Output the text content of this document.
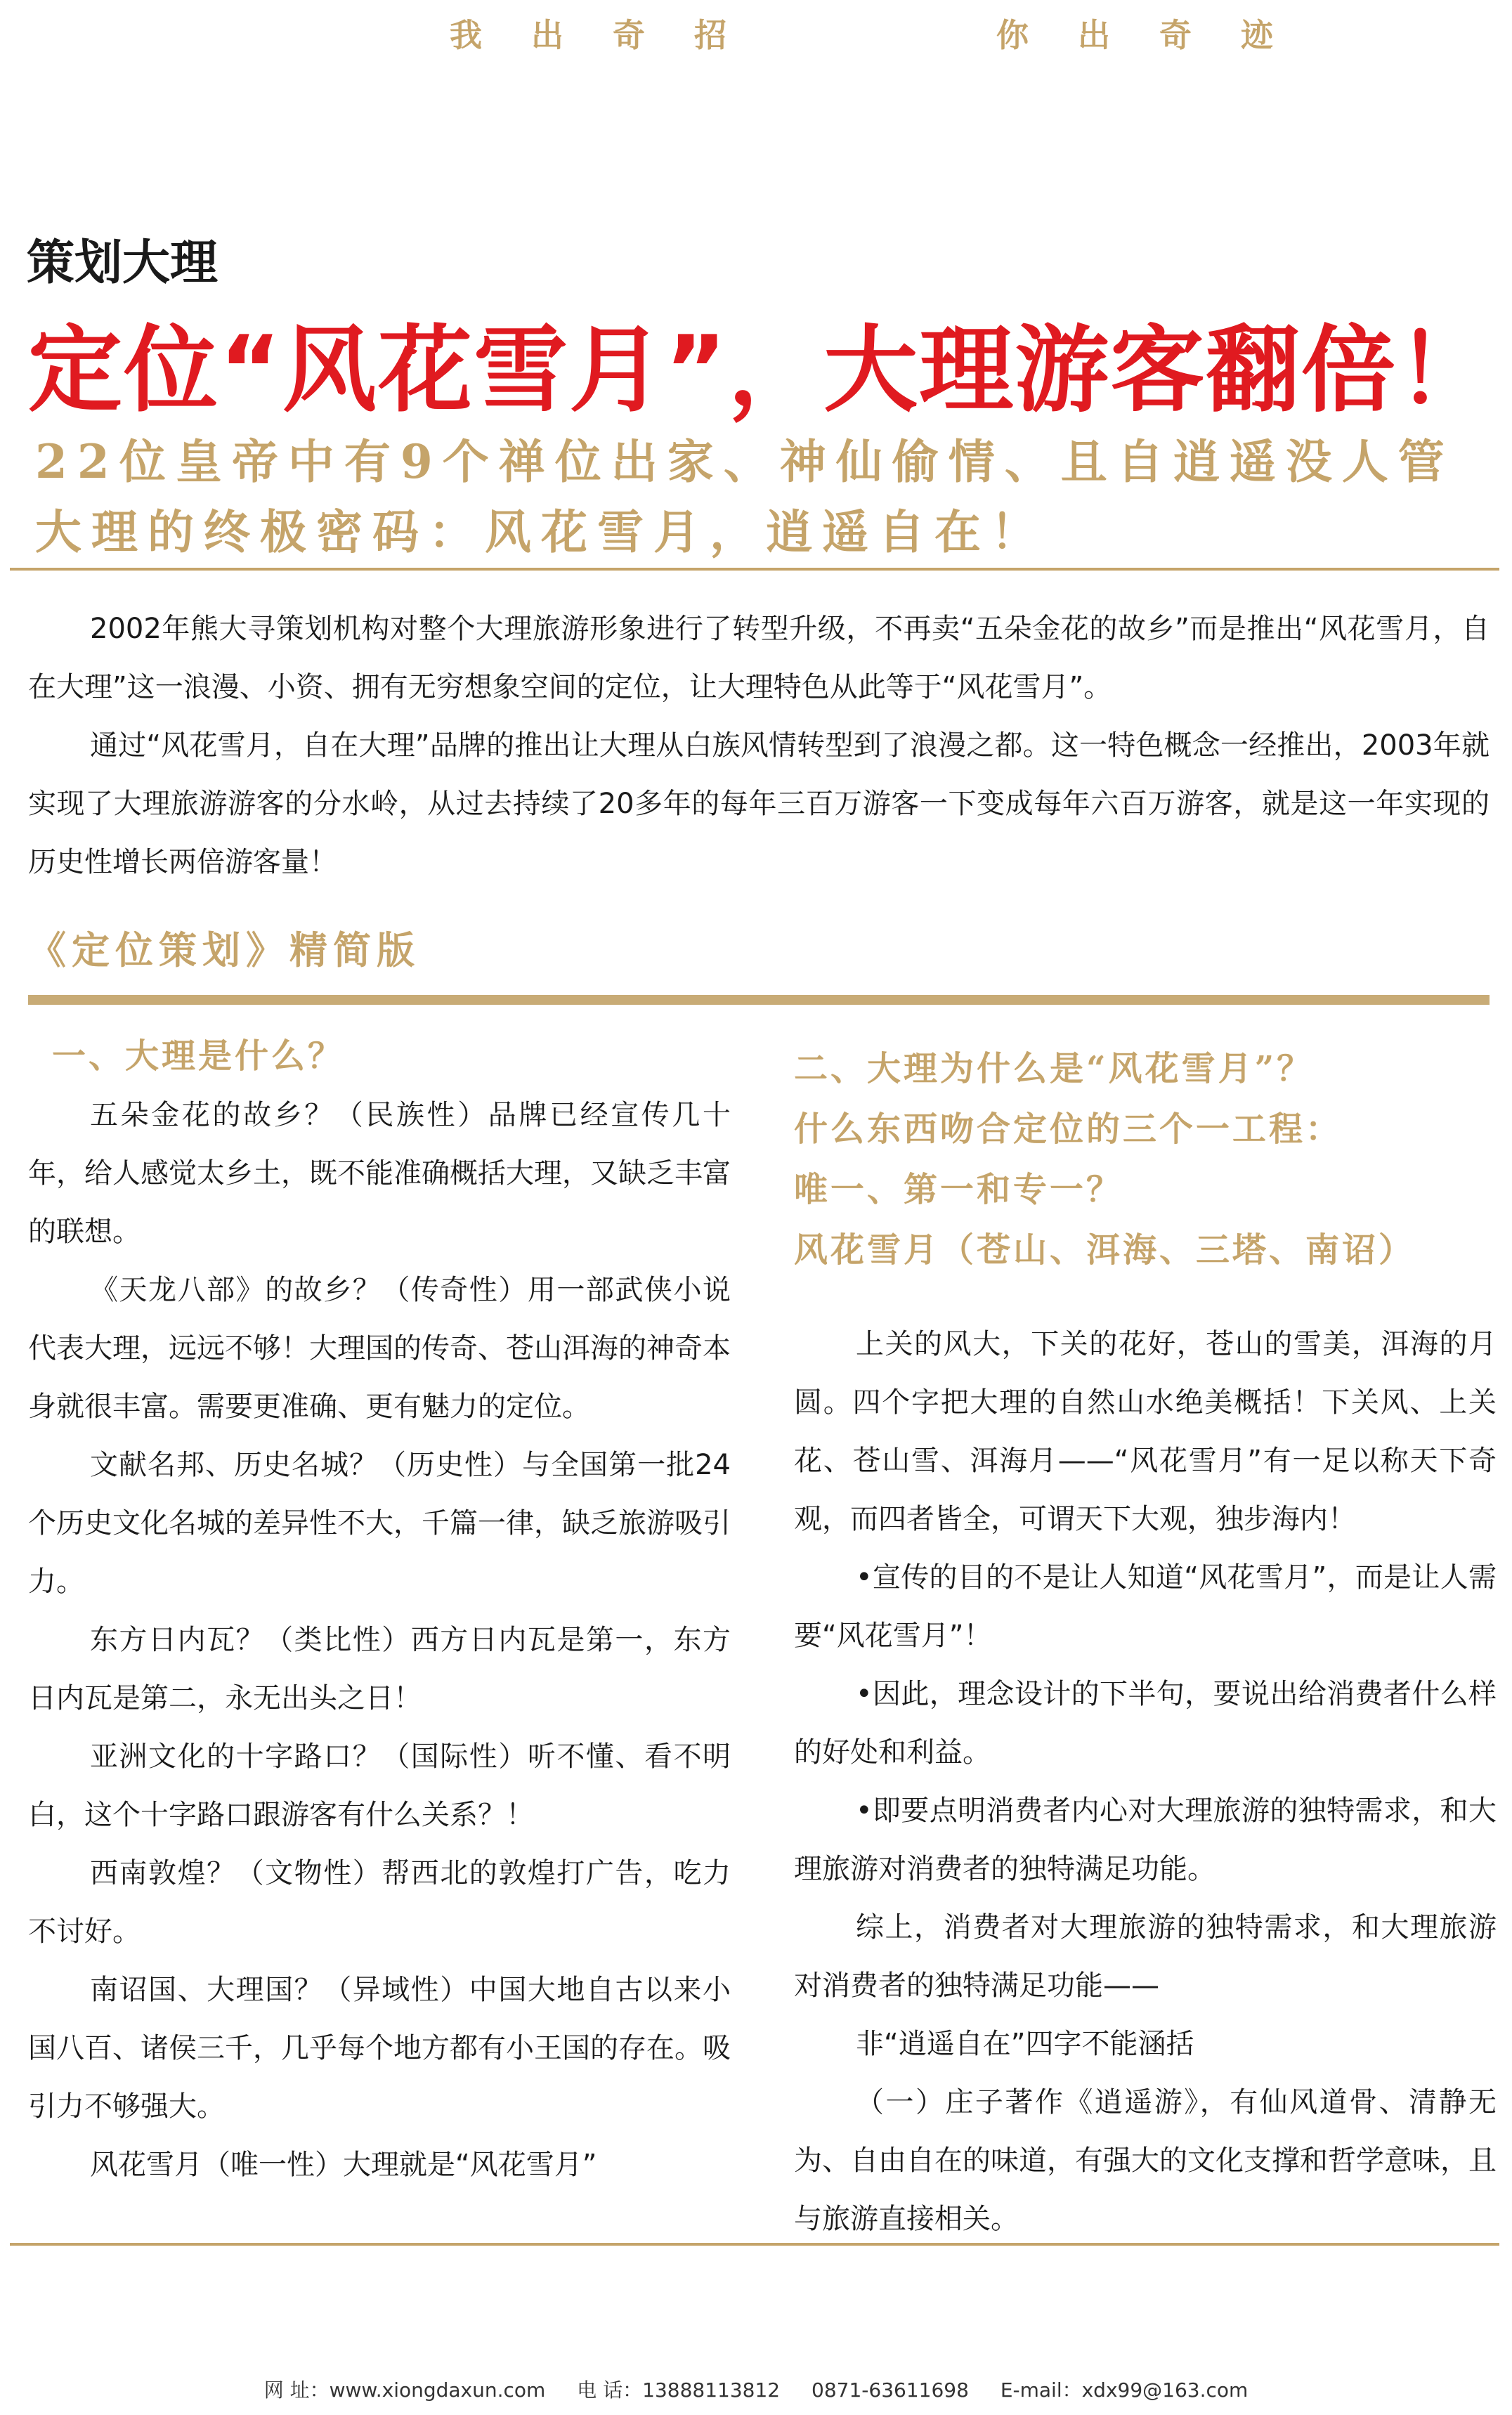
我出奇招	你出奇迹
策划大理
定位“风花雪月”，大理游客翻倍！
22位皇帝中有9个禅位出家、神仙偷情、且自逍遥没人管
大理的终极密码：风花雪月，逍遥自在！

2002年熊大寻策划机构对整个大理旅游形象进行了转型升级，不再卖“五朵金花的故乡”而是推出“风花雪月，自在大理”这一浪漫、小资、拥有无穷想象空间的定位，让大理特色从此等于“风花雪月”。

通过“风花雪月，自在大理”品牌的推出让大理从白族风情转型到了浪漫之都。这一特色概念一经推出，2003年就实现了大理旅游游客的分水岭，从过去持续了20多年的每年三百万游客一下变成每年六百万游客，就是这一年实现的历史性增长两倍游客量！

《定位策划》精简版
一、大理是什么？

五朵金花的故乡？（民族性）品牌已经宣传几十年，给人感觉太乡土，既不能准确概括大理，又缺乏丰富的联想。

《天龙八部》的故乡？（传奇性）用一部武侠小说代表大理，远远不够！大理国的传奇、苍山洱海的神奇本身就很丰富。需要更准确、更有魅力的定位。

文献名邦、历史名城？（历史性）与全国第一批24个历史文化名城的差异性不大，千篇一律，缺乏旅游吸引力。

东方日内瓦？（类比性）西方日内瓦是第一，东方日内瓦是第二，永无出头之日！

亚洲文化的十字路口？（国际性）听不懂、看不明白，这个十字路口跟游客有什么关系？！

西南敦煌？（文物性）帮西北的敦煌打广告，吃力不讨好。

南诏国、大理国？（异域性）中国大地自古以来小国八百、诸侯三千，几乎每个地方都有小王国的存在。吸引力不够强大。

风花雪月（唯一性）大理就是“风花雪月”

二、大理为什么是“风花雪月”？
什么东西吻合定位的三个一工程：
唯一、第一和专一？
风花雪月（苍山、洱海、三塔、南诏）

上关的风大，下关的花好，苍山的雪美，洱海的月圆。四个字把大理的自然山水绝美概括！下关风、上关花、苍山雪、洱海月——“风花雪月”有一足以称天下奇观，而四者皆全，可谓天下大观，独步海内！

•宣传的目的不是让人知道“风花雪月”，而是让人需要“风花雪月”！

•因此，理念设计的下半句，要说出给消费者什么样的好处和利益。

•即要点明消费者内心对大理旅游的独特需求，和大理旅游对消费者的独特满足功能。

综上，消费者对大理旅游的独特需求，和大理旅游对消费者的独特满足功能——

非“逍遥自在”四字不能涵括

（一）庄子著作《逍遥游》，有仙风道骨、清静无为、自由自在的味道，有强大的文化支撑和哲学意味，且与旅游直接相关。

网 址：www.xiongdaxun.com 电 话：13888113812 0871-63611698 E-mail：xdx99@163.com
